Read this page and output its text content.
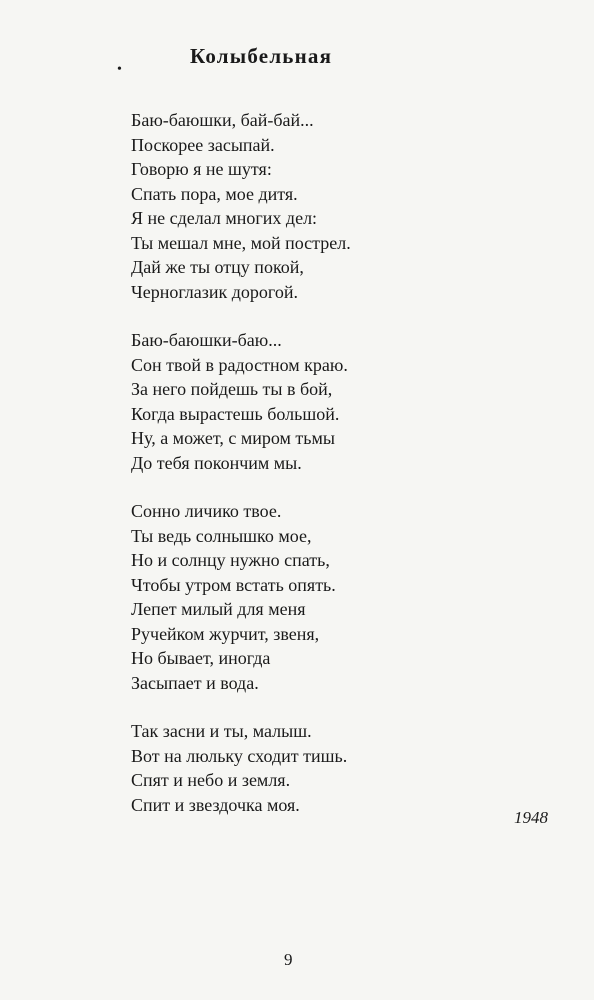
•
Колыбельная
Баю-баюшки, бай-бай...
Поскорее засыпай.
Говорю я не шутя:
Спать пора, мое дитя.
Я не сделал многих дел:
Ты мешал мне, мой пострел.
Дай же ты отцу покой,
Черноглазик дорогой.
Баю-баюшки-баю...
Сон твой в радостном краю.
За него пойдешь ты в бой,
Когда вырастешь большой.
Ну, а может, с миром тьмы
До тебя покончим мы.
Сонно личико твое.
Ты ведь солнышко мое,
Но и солнцу нужно спать,
Чтобы утром встать опять.
Лепет милый для меня
Ручейком журчит, звеня,
Но бывает, иногда
Засыпает и вода.
Так засни и ты, малыш.
Вот на люльку сходит тишь.
Спят и небо и земля.
Спит и звездочка моя.
1948
9
